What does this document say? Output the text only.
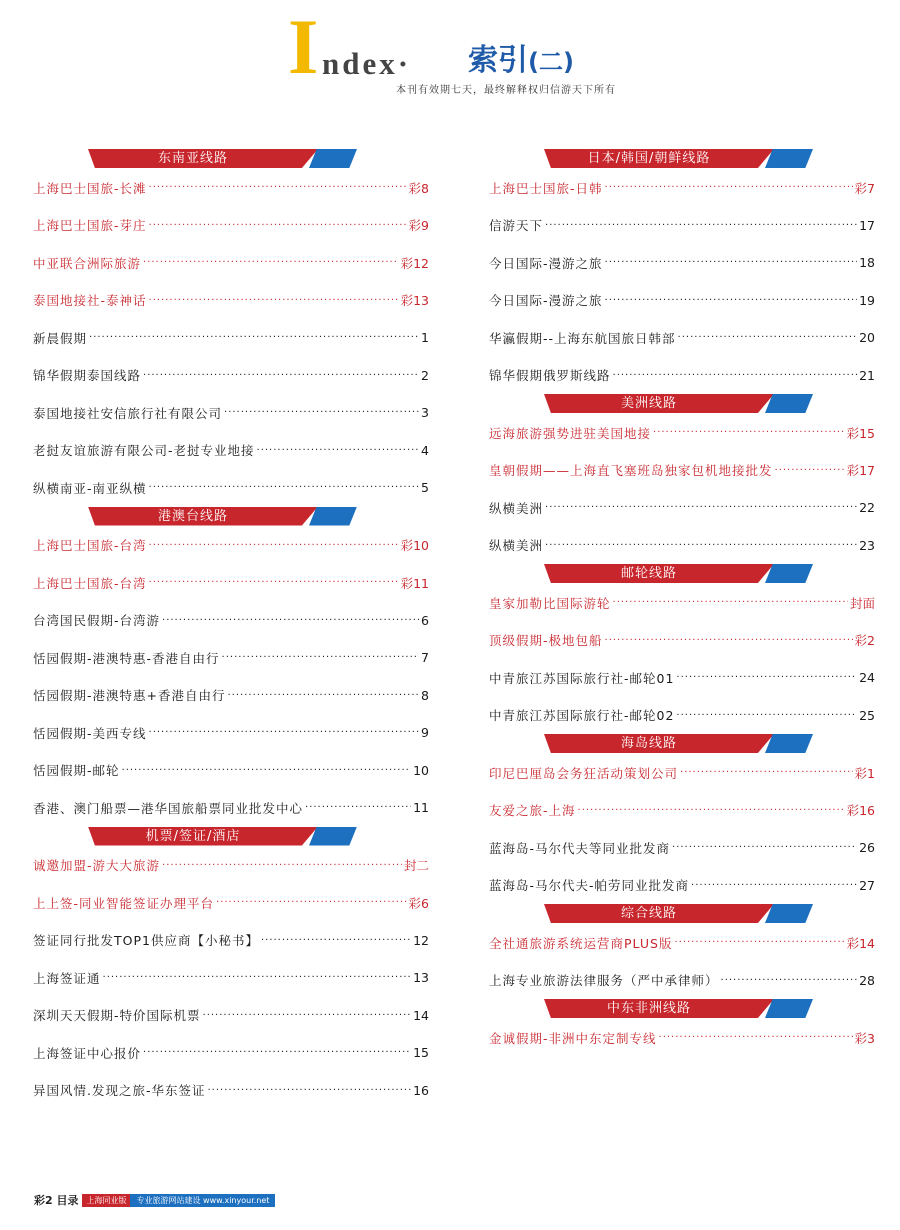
I ndex· 索引(二)
本刊有效期七天，最终解释权归信游天下所有
东南亚线路
上海巴士国旅-长滩 ·····	彩8
上海巴士国旅-芽庄 ·····	彩9
中亚联合洲际旅游 ·····	彩12
泰国地接社-泰神话 ·····	彩13
新晨假期 ·····	1
锦华假期泰国线路 ·····	2
泰国地接社安信旅行社有限公司 ·····	3
老挝友谊旅游有限公司-老挝专业地接 ·····	4
纵横南亚-南亚纵横 ·····	5
港澳台线路
上海巴士国旅-台湾 ·····	彩10
上海巴士国旅-台湾 ·····	彩11
台湾国民假期-台湾游 ·····	6
恬园假期-港澳特惠-香港自由行 ·····	7
恬园假期-港澳特惠+香港自由行 ·····	8
恬园假期-美西专线 ·····	9
恬园假期-邮轮 ·····	10
香港、澳门船票—港华国旅船票同业批发中心 ·····	11
机票/签证/酒店
诚邀加盟-游大大旅游 ·····	封二
上上签-同业智能签证办理平台 ·····	彩6
签证同行批发TOP1供应商【小秘书】 ·····	12
上海签证通 ·····	13
深圳天天假期-特价国际机票 ·····	14
上海签证中心报价 ·····	15
异国风情.发现之旅-华东签证 ·····	16
日本/韩国/朝鲜线路
上海巴士国旅-日韩 ·····	彩7
信游天下 ·····	17
今日国际-漫游之旅 ·····	18
今日国际-漫游之旅 ·····	19
华瀛假期--上海东航国旅日韩部 ·····	20
锦华假期俄罗斯线路 ·····	21
美洲线路
远海旅游强势进驻美国地接 ·····	彩15
皇朝假期——上海直飞塞班岛独家包机地接批发 ·····	彩17
纵横美洲 ·····	22
纵横美洲 ·····	23
邮轮线路
皇家加勒比国际游轮 ·····	封面
顶级假期-极地包船 ·····	彩2
中青旅江苏国际旅行社-邮轮01 ·····	24
中青旅江苏国际旅行社-邮轮02 ·····	25
海岛线路
印尼巴厘岛会务狂活动策划公司 ·····	彩1
友爱之旅-上海 ·····	彩16
蓝海岛-马尔代夫等同业批发商 ·····	26
蓝海岛-马尔代夫-帕劳同业批发商 ·····	27
综合线路
全社通旅游系统运营商PLUS版 ·····	彩14
上海专业旅游法律服务（严中承律师） ·····	28
中东非洲线路
金诚假期-非洲中东定制专线 ·····	彩3
彩2 目录	上海同业版	专业旅游网站建设 www.xinyour.net
